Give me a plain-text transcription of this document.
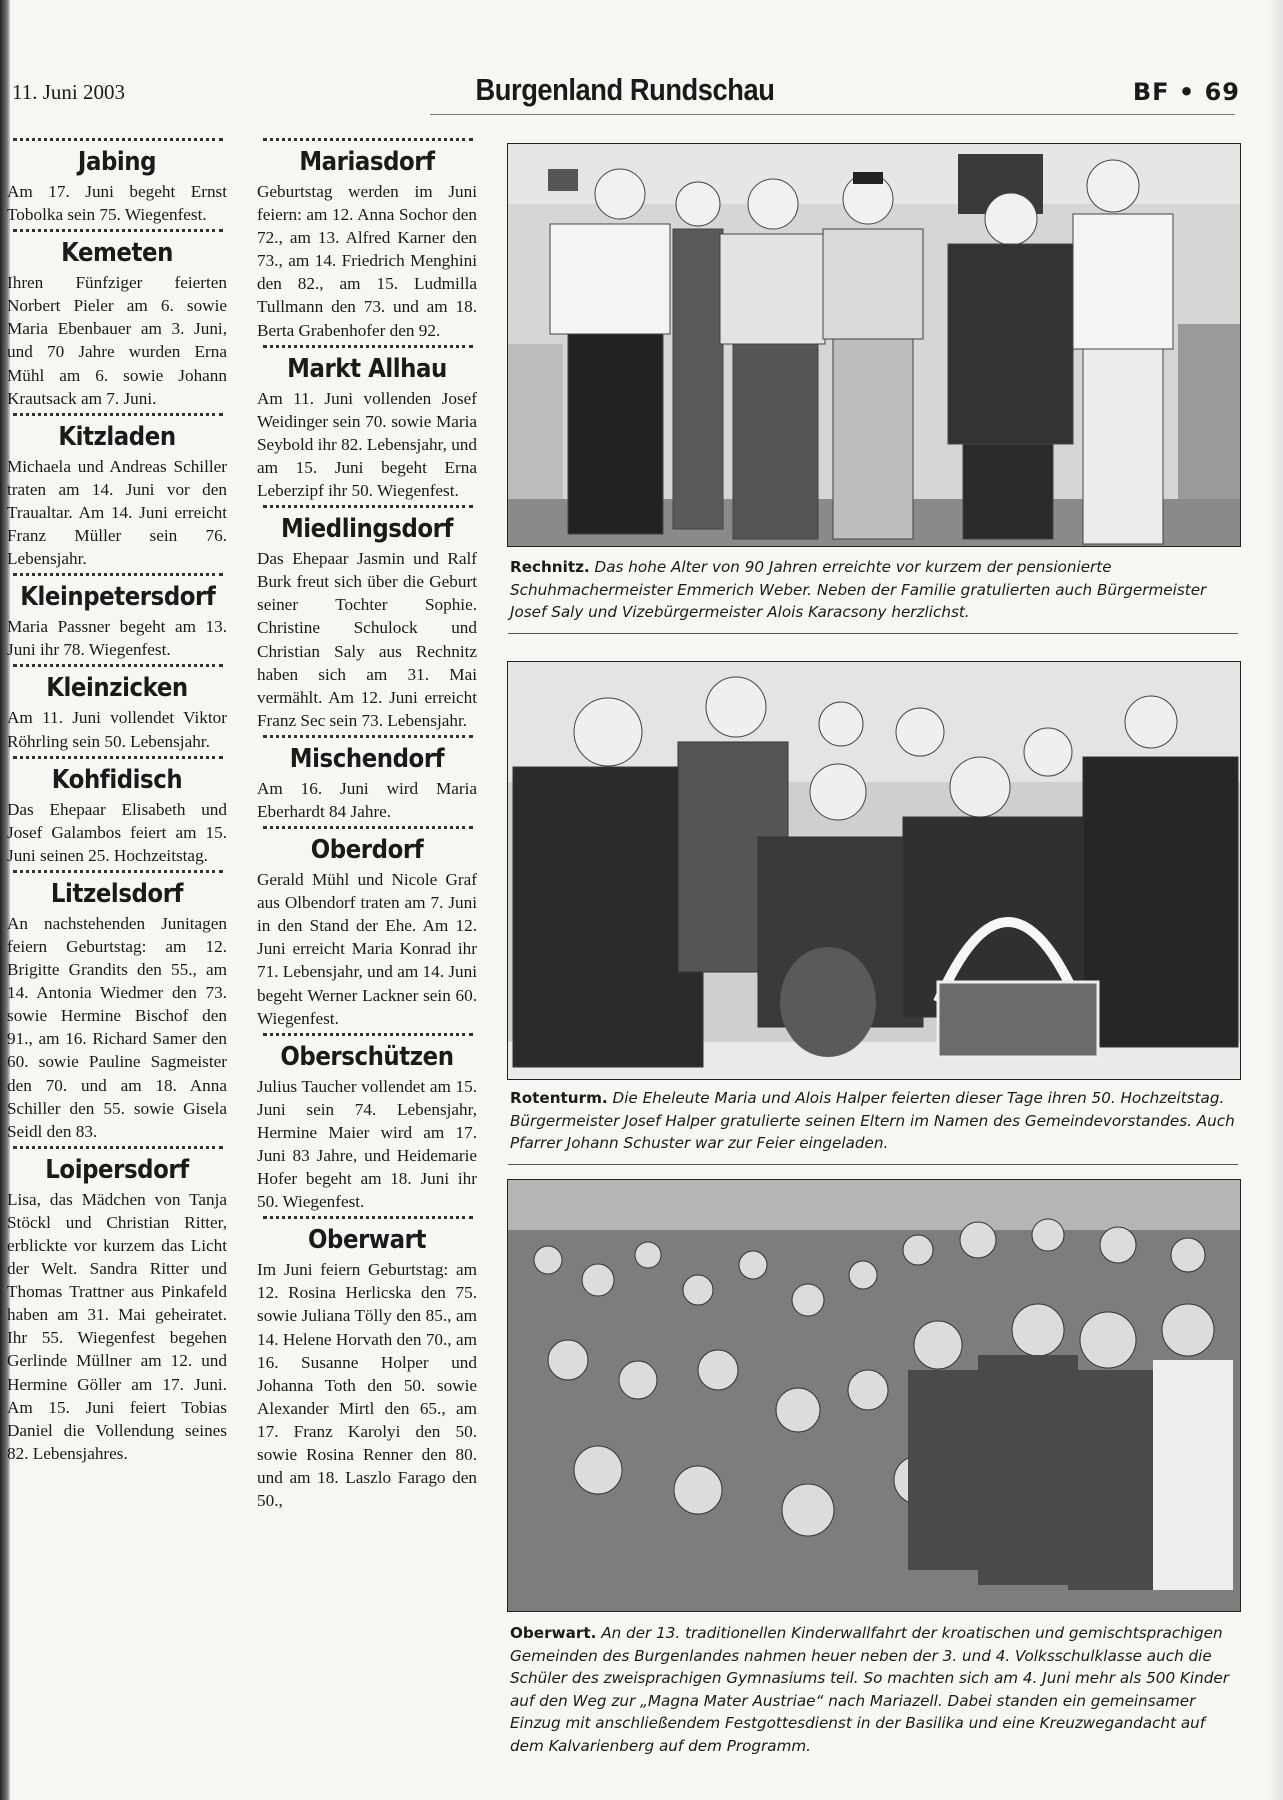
11. Juni 2003	Burgenland Rundschau	BF • 69
Jabing
Am 17. Juni begeht Ernst Tobolka sein 75. Wiegenfest.
Kemeten
Ihren Fünfziger feierten Norbert Pieler am 6. sowie Maria Ebenbauer am 3. Juni, und 70 Jahre wurden Erna Mühl am 6. sowie Johann Krautsack am 7. Juni.
Kitzladen
Michaela und Andreas Schiller traten am 14. Juni vor den Traualtar. Am 14. Juni erreicht Franz Müller sein 76. Lebensjahr.
Kleinpetersdorf
Maria Passner begeht am 13. Juni ihr 78. Wiegenfest.
Kleinzicken
Am 11. Juni vollendet Viktor Röhrling sein 50. Lebensjahr.
Kohfidisch
Das Ehepaar Elisabeth und Josef Galambos feiert am 15. Juni seinen 25. Hochzeitstag.
Litzelsdorf
An nachstehenden Junitagen feiern Geburtstag: am 12. Brigitte Grandits den 55., am 14. Antonia Wiedmer den 73. sowie Hermine Bischof den 91., am 16. Richard Samer den 60. sowie Pauline Sagmeister den 70. und am 18. Anna Schiller den 55. sowie Gisela Seidl den 83.
Loipersdorf
Lisa, das Mädchen von Tanja Stöckl und Christian Ritter, erblickte vor kurzem das Licht der Welt. Sandra Ritter und Thomas Trattner aus Pinkafeld haben am 31. Mai geheiratet. Ihr 55. Wiegenfest begehen Gerlinde Müllner am 12. und Hermine Göller am 17. Juni. Am 15. Juni feiert Tobias Daniel die Vollendung seines 82. Lebensjahres.
Mariasdorf
Geburtstag werden im Juni feiern: am 12. Anna Sochor den 72., am 13. Alfred Karner den 73., am 14. Friedrich Menghini den 82., am 15. Ludmilla Tullmann den 73. und am 18. Berta Grabenhofer den 92.
Markt Allhau
Am 11. Juni vollenden Josef Weidinger sein 70. sowie Maria Seybold ihr 82. Lebensjahr, und am 15. Juni begeht Erna Leberzipf ihr 50. Wiegenfest.
Miedlingsdorf
Das Ehepaar Jasmin und Ralf Burk freut sich über die Geburt seiner Tochter Sophie. Christine Schulock und Christian Saly aus Rechnitz haben sich am 31. Mai vermählt. Am 12. Juni erreicht Franz Sec sein 73. Lebensjahr.
Mischendorf
Am 16. Juni wird Maria Eberhardt 84 Jahre.
Oberdorf
Gerald Mühl und Nicole Graf aus Olbendorf traten am 7. Juni in den Stand der Ehe. Am 12. Juni erreicht Maria Konrad ihr 71. Lebensjahr, und am 14. Juni begeht Werner Lackner sein 60. Wiegenfest.
Oberschützen
Julius Taucher vollendet am 15. Juni sein 74. Lebensjahr, Hermine Maier wird am 17. Juni 83 Jahre, und Heidemarie Hofer begeht am 18. Juni ihr 50. Wiegenfest.
Oberwart
Im Juni feiern Geburtstag: am 12. Rosina Herlicska den 75. sowie Juliana Tölly den 85., am 14. Helene Horvath den 70., am 16. Susanne Holper und Johanna Toth den 50. sowie Alexander Mirtl den 65., am 17. Franz Karolyi den 50. sowie Rosina Renner den 80. und am 18. Laszlo Farago den 50.,
Rechnitz. Das hohe Alter von 90 Jahren erreichte vor kurzem der pensionierte Schuhmachermeister Emmerich Weber. Neben der Familie gratulierten auch Bürgermeister Josef Saly und Vizebürgermeister Alois Karacsony herzlichst.
Rotenturm. Die Eheleute Maria und Alois Halper feierten dieser Tage ihren 50. Hochzeitstag. Bürgermeister Josef Halper gratulierte seinen Eltern im Namen des Gemeindevorstandes. Auch Pfarrer Johann Schuster war zur Feier eingeladen.
Oberwart. An der 13. traditionellen Kinderwallfahrt der kroatischen und gemischtsprachigen Gemeinden des Burgenlandes nahmen heuer neben der 3. und 4. Volksschulklasse auch die Schüler des zweisprachigen Gymnasiums teil. So machten sich am 4. Juni mehr als 500 Kinder auf den Weg zur „Magna Mater Austriae“ nach Mariazell. Dabei standen ein gemeinsamer Einzug mit anschließendem Festgottesdienst in der Basilika und eine Kreuzwegandacht auf dem Kalvarienberg auf dem Programm.
